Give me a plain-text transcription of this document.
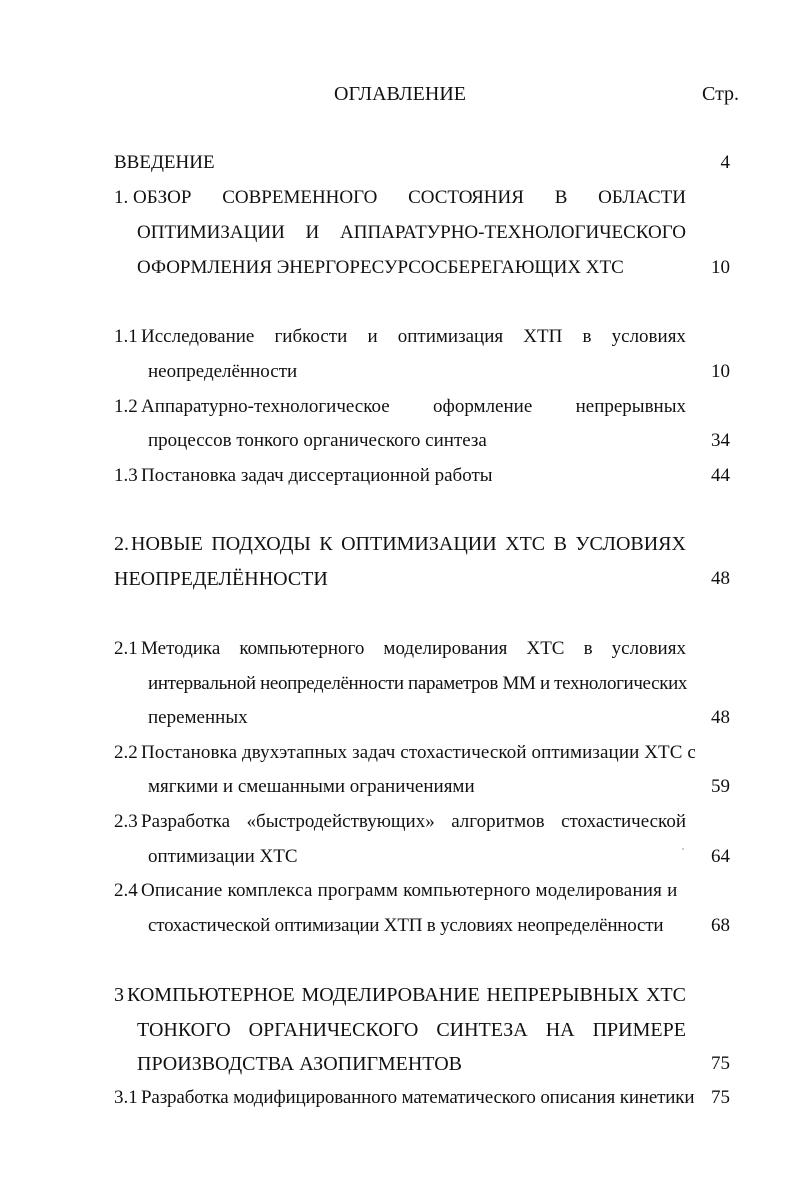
ОГЛАВЛЕНИЕ	Стр.
ВВЕДЕНИЕ	4
1. ОБЗОР СОВРЕМЕННОГО СОСТОЯНИЯ В ОБЛАСТИ
ОПТИМИЗАЦИИ И АППАРАТУРНО-ТЕХНОЛОГИЧЕСКОГО
ОФОРМЛЕНИЯ ЭНЕРГОРЕСУРСОСБЕРЕГАЮЩИХ ХТС	10
1.1 Исследование гибкости и оптимизация ХТП в условиях
неопределённости	10
1.2 Аппаратурно-технологическое оформление непрерывных
процессов тонкого органического синтеза	34
1.3 Постановка задач диссертационной работы	44
2. НОВЫЕ ПОДХОДЫ К ОПТИМИЗАЦИИ ХТС В УСЛОВИЯХ
НЕОПРЕДЕЛЁННОСТИ	48
2.1 Методика компьютерного моделирования ХТС в условиях
интервальной неопределённости параметров ММ и технологических
переменных	48
2.2 Постановка двухэтапных задач стохастической оптимизации ХТС с
мягкими и смешанными ограничениями	59
2.3 Разработка «быстродействующих» алгоритмов стохастической
оптимизации ХТС	64
2.4 Описание комплекса программ компьютерного моделирования и
стохастической оптимизации ХТП в условиях неопределённости	68
3 КОМПЬЮТЕРНОЕ МОДЕЛИРОВАНИЕ НЕПРЕРЫВНЫХ ХТС
ТОНКОГО ОРГАНИЧЕСКОГО СИНТЕЗА НА ПРИМЕРЕ
ПРОИЗВОДСТВА АЗОПИГМЕНТОВ	75
3.1 Разработка модифицированного математического описания кинетики 75
